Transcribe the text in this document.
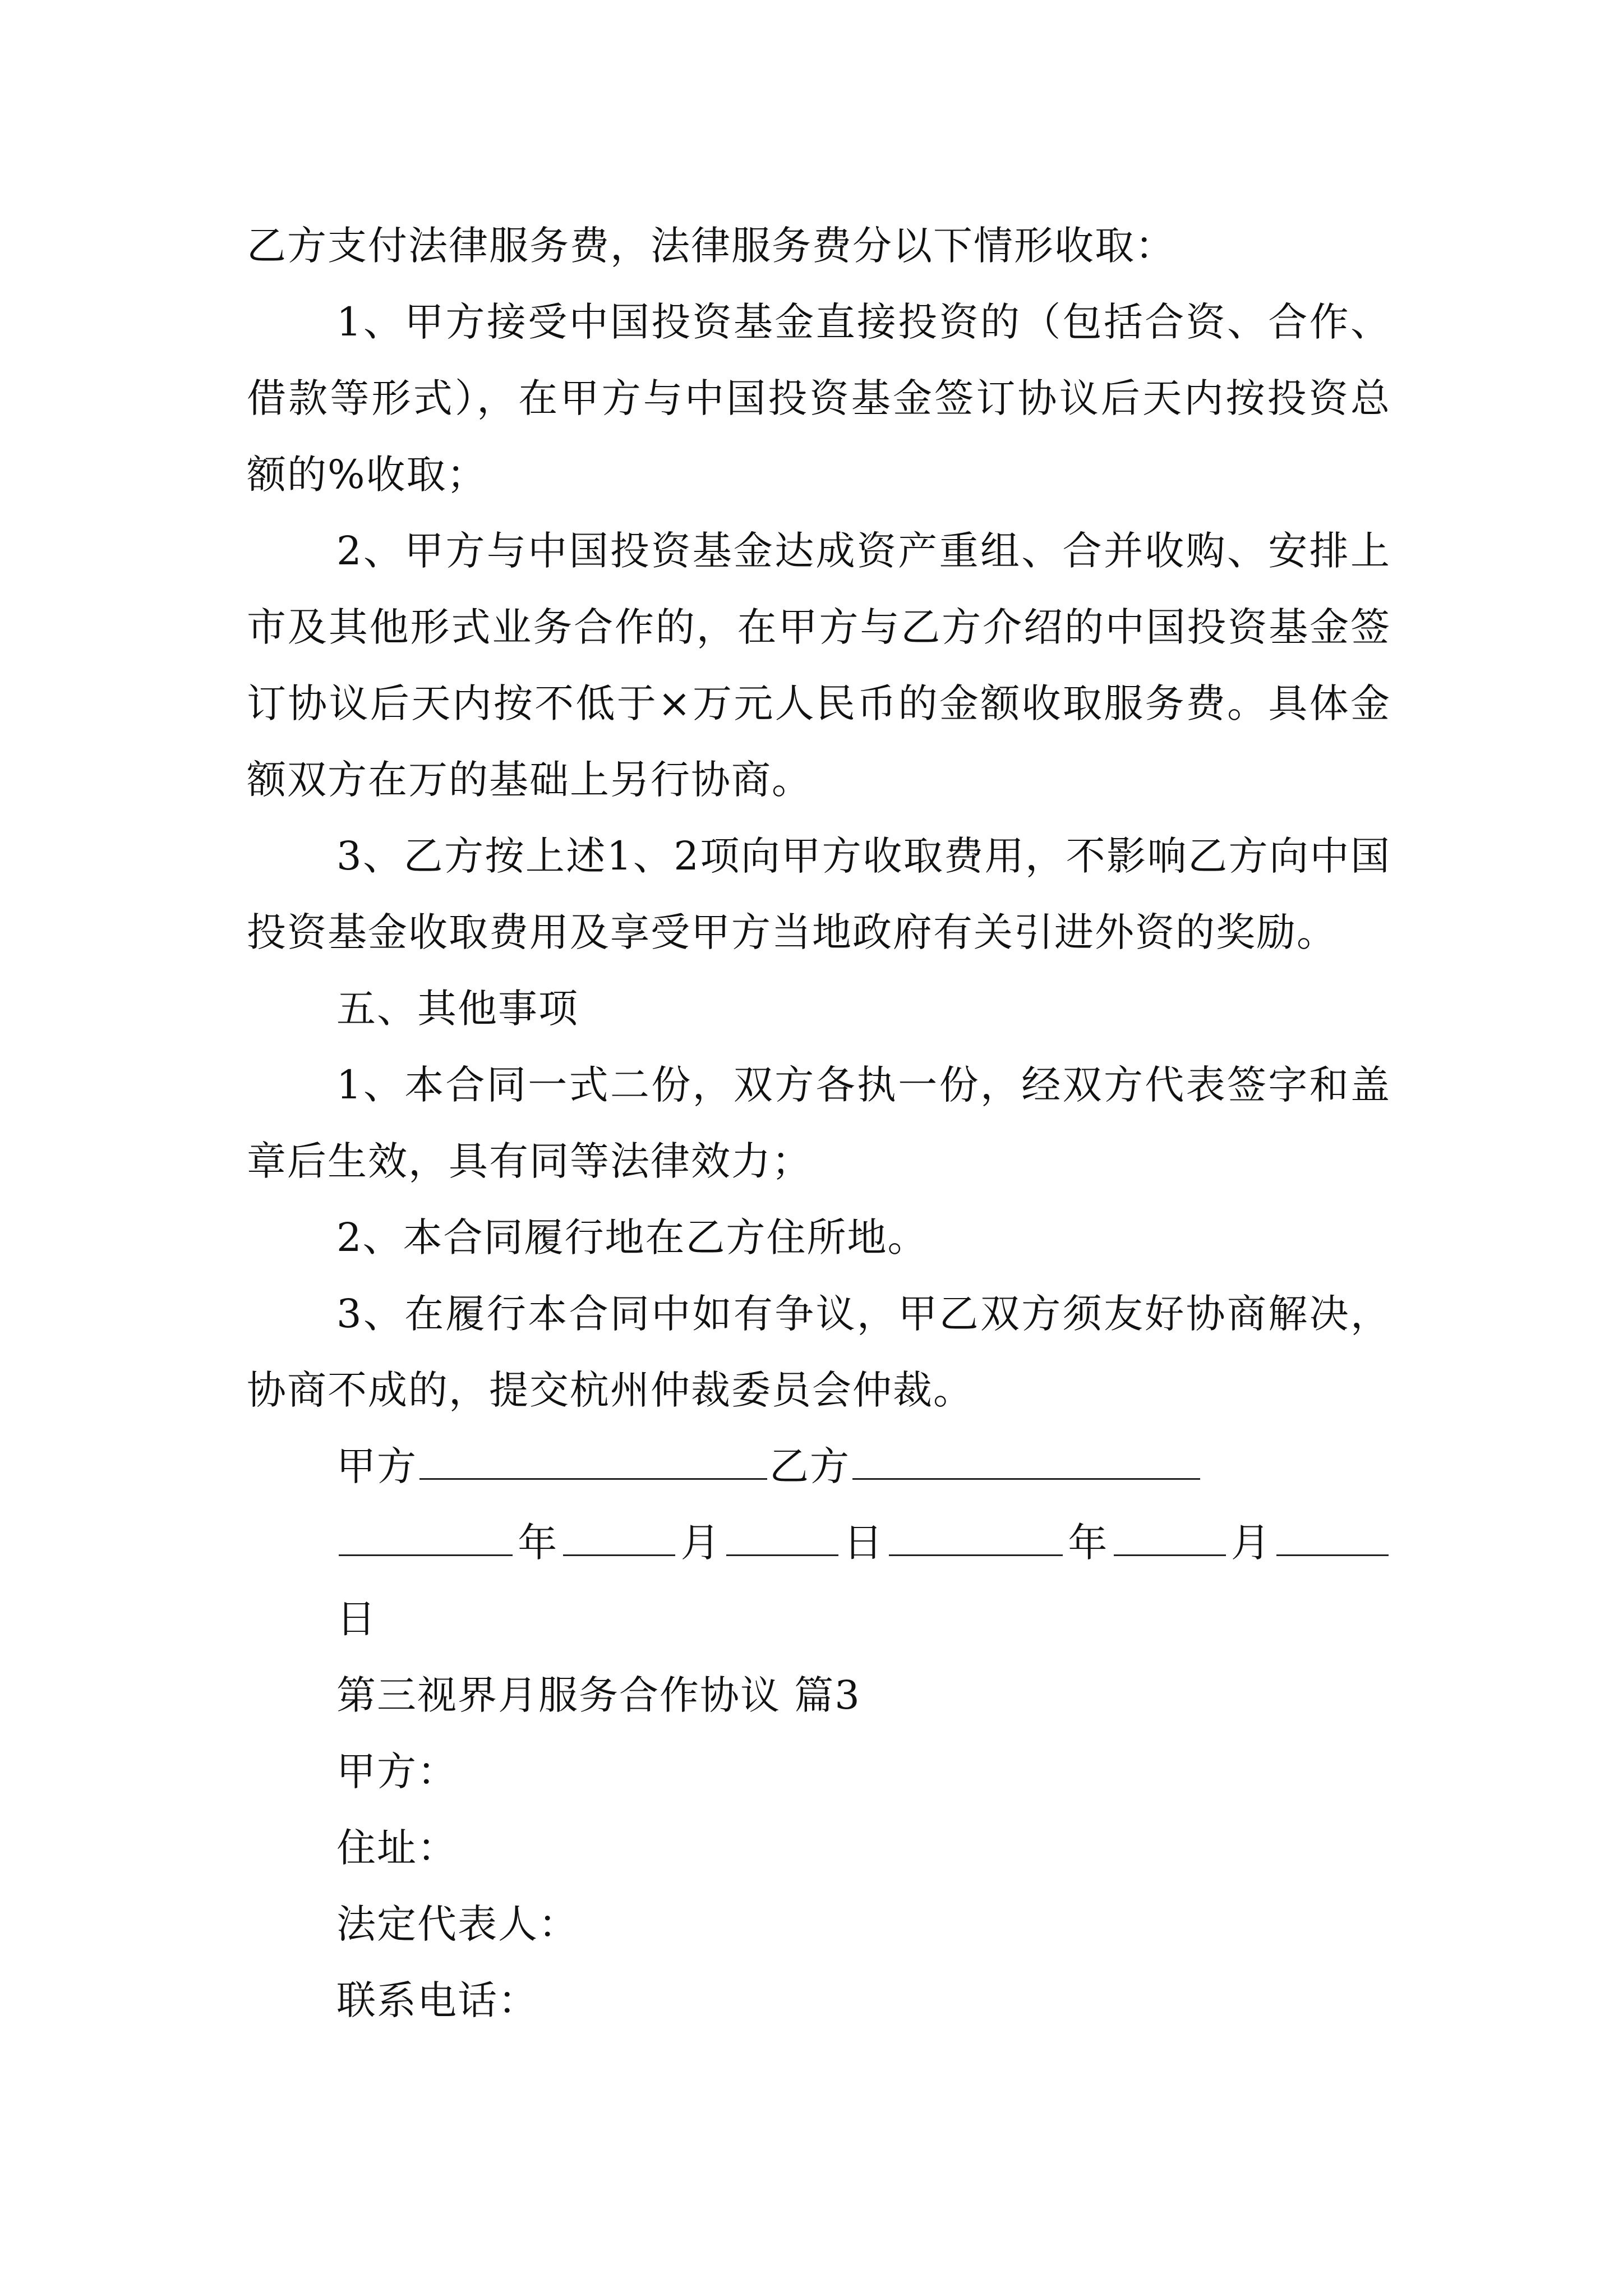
乙方支付法律服务费，法律服务费分以下情形收取：

1、甲方接受中国投资基金直接投资的（包括合资、合作、借款等形式），在甲方与中国投资基金签订协议后天内按投资总额的%收取；

2、甲方与中国投资基金达成资产重组、合并收购、安排上市及其他形式业务合作的，在甲方与乙方介绍的中国投资基金签订协议后天内按不低于×万元人民币的金额收取服务费。具体金额双方在万的基础上另行协商。

3、乙方按上述1、2项向甲方收取费用，不影响乙方向中国投资基金收取费用及享受甲方当地政府有关引进外资的奖励。

五、其他事项

1、本合同一式二份，双方各执一份，经双方代表签字和盖章后生效，具有同等法律效力；

2、本合同履行地在乙方住所地。

3、在履行本合同中如有争议，甲乙双方须友好协商解决，协商不成的，提交杭州仲裁委员会仲裁。

甲方	乙方

年	月	日	年	月日

第三视界月服务合作协议 篇3

甲方：

住址：

法定代表人：

联系电话：
